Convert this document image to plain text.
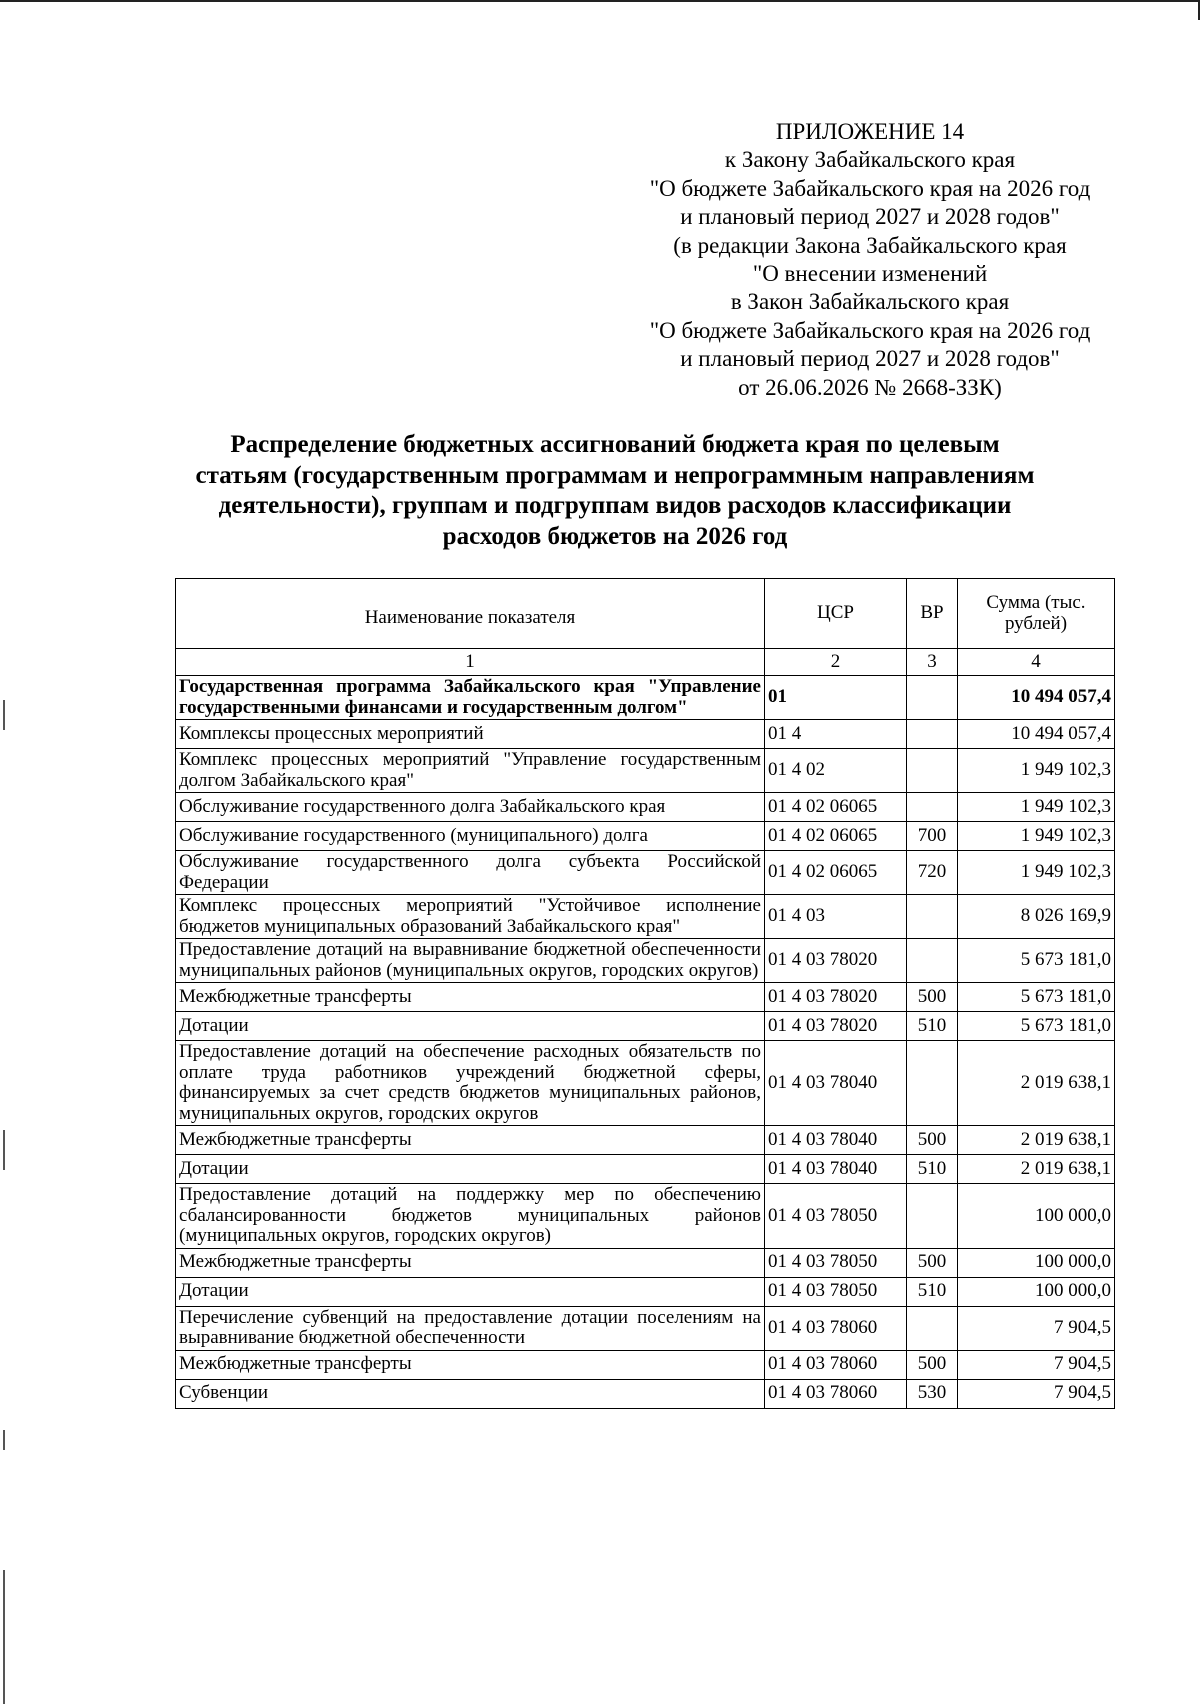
ПРИЛОЖЕНИЕ 14
к Закону Забайкальского края
"О бюджете Забайкальского края на 2026 год
и плановый период 2027 и 2028 годов"
(в редакции Закона Забайкальского края
"О внесении изменений
в Закон Забайкальского края
"О бюджете Забайкальского края на 2026 год
и плановый период 2027 и 2028 годов"
от 26.06.2026 № 2668-ЗЗК)
Распределение бюджетных ассигнований бюджета края по целевым
статьям (государственным программам и непрограммным направлениям
деятельности), группам и подгруппам видов расходов классификации
расходов бюджетов на 2026 год
Наименование показателя	ЦСР	ВР	Сумма (тыс. рублей)
1	2	3	4
Государственная программа Забайкальского края "Управление государственными финансами и государственным долгом"	01		10 494 057,4
Комплексы процессных мероприятий	01 4		10 494 057,4
Комплекс процессных мероприятий "Управление государственным долгом Забайкальского края"	01 4 02		1 949 102,3
Обслуживание государственного долга Забайкальского края	01 4 02 06065		1 949 102,3
Обслуживание государственного (муниципального) долга	01 4 02 06065	700	1 949 102,3
Обслуживание государственного долга субъекта Российской Федерации	01 4 02 06065	720	1 949 102,3
Комплекс процессных мероприятий "Устойчивое исполнение бюджетов муниципальных образований Забайкальского края"	01 4 03		8 026 169,9
Предоставление дотаций на выравнивание бюджетной обеспеченности муниципальных районов (муниципальных округов, городских округов)	01 4 03 78020		5 673 181,0
Межбюджетные трансферты	01 4 03 78020	500	5 673 181,0
Дотации	01 4 03 78020	510	5 673 181,0
Предоставление дотаций на обеспечение расходных обязательств по оплате труда работников учреждений бюджетной сферы, финансируемых за счет средств бюджетов муниципальных районов, муниципальных округов, городских округов	01 4 03 78040		2 019 638,1
Межбюджетные трансферты	01 4 03 78040	500	2 019 638,1
Дотации	01 4 03 78040	510	2 019 638,1
Предоставление дотаций на поддержку мер по обеспечению сбалансированности бюджетов муниципальных районов (муниципальных округов, городских округов)	01 4 03 78050		100 000,0
Межбюджетные трансферты	01 4 03 78050	500	100 000,0
Дотации	01 4 03 78050	510	100 000,0
Перечисление субвенций на предоставление дотации поселениям на выравнивание бюджетной обеспеченности	01 4 03 78060		7 904,5
Межбюджетные трансферты	01 4 03 78060	500	7 904,5
Субвенции	01 4 03 78060	530	7 904,5
